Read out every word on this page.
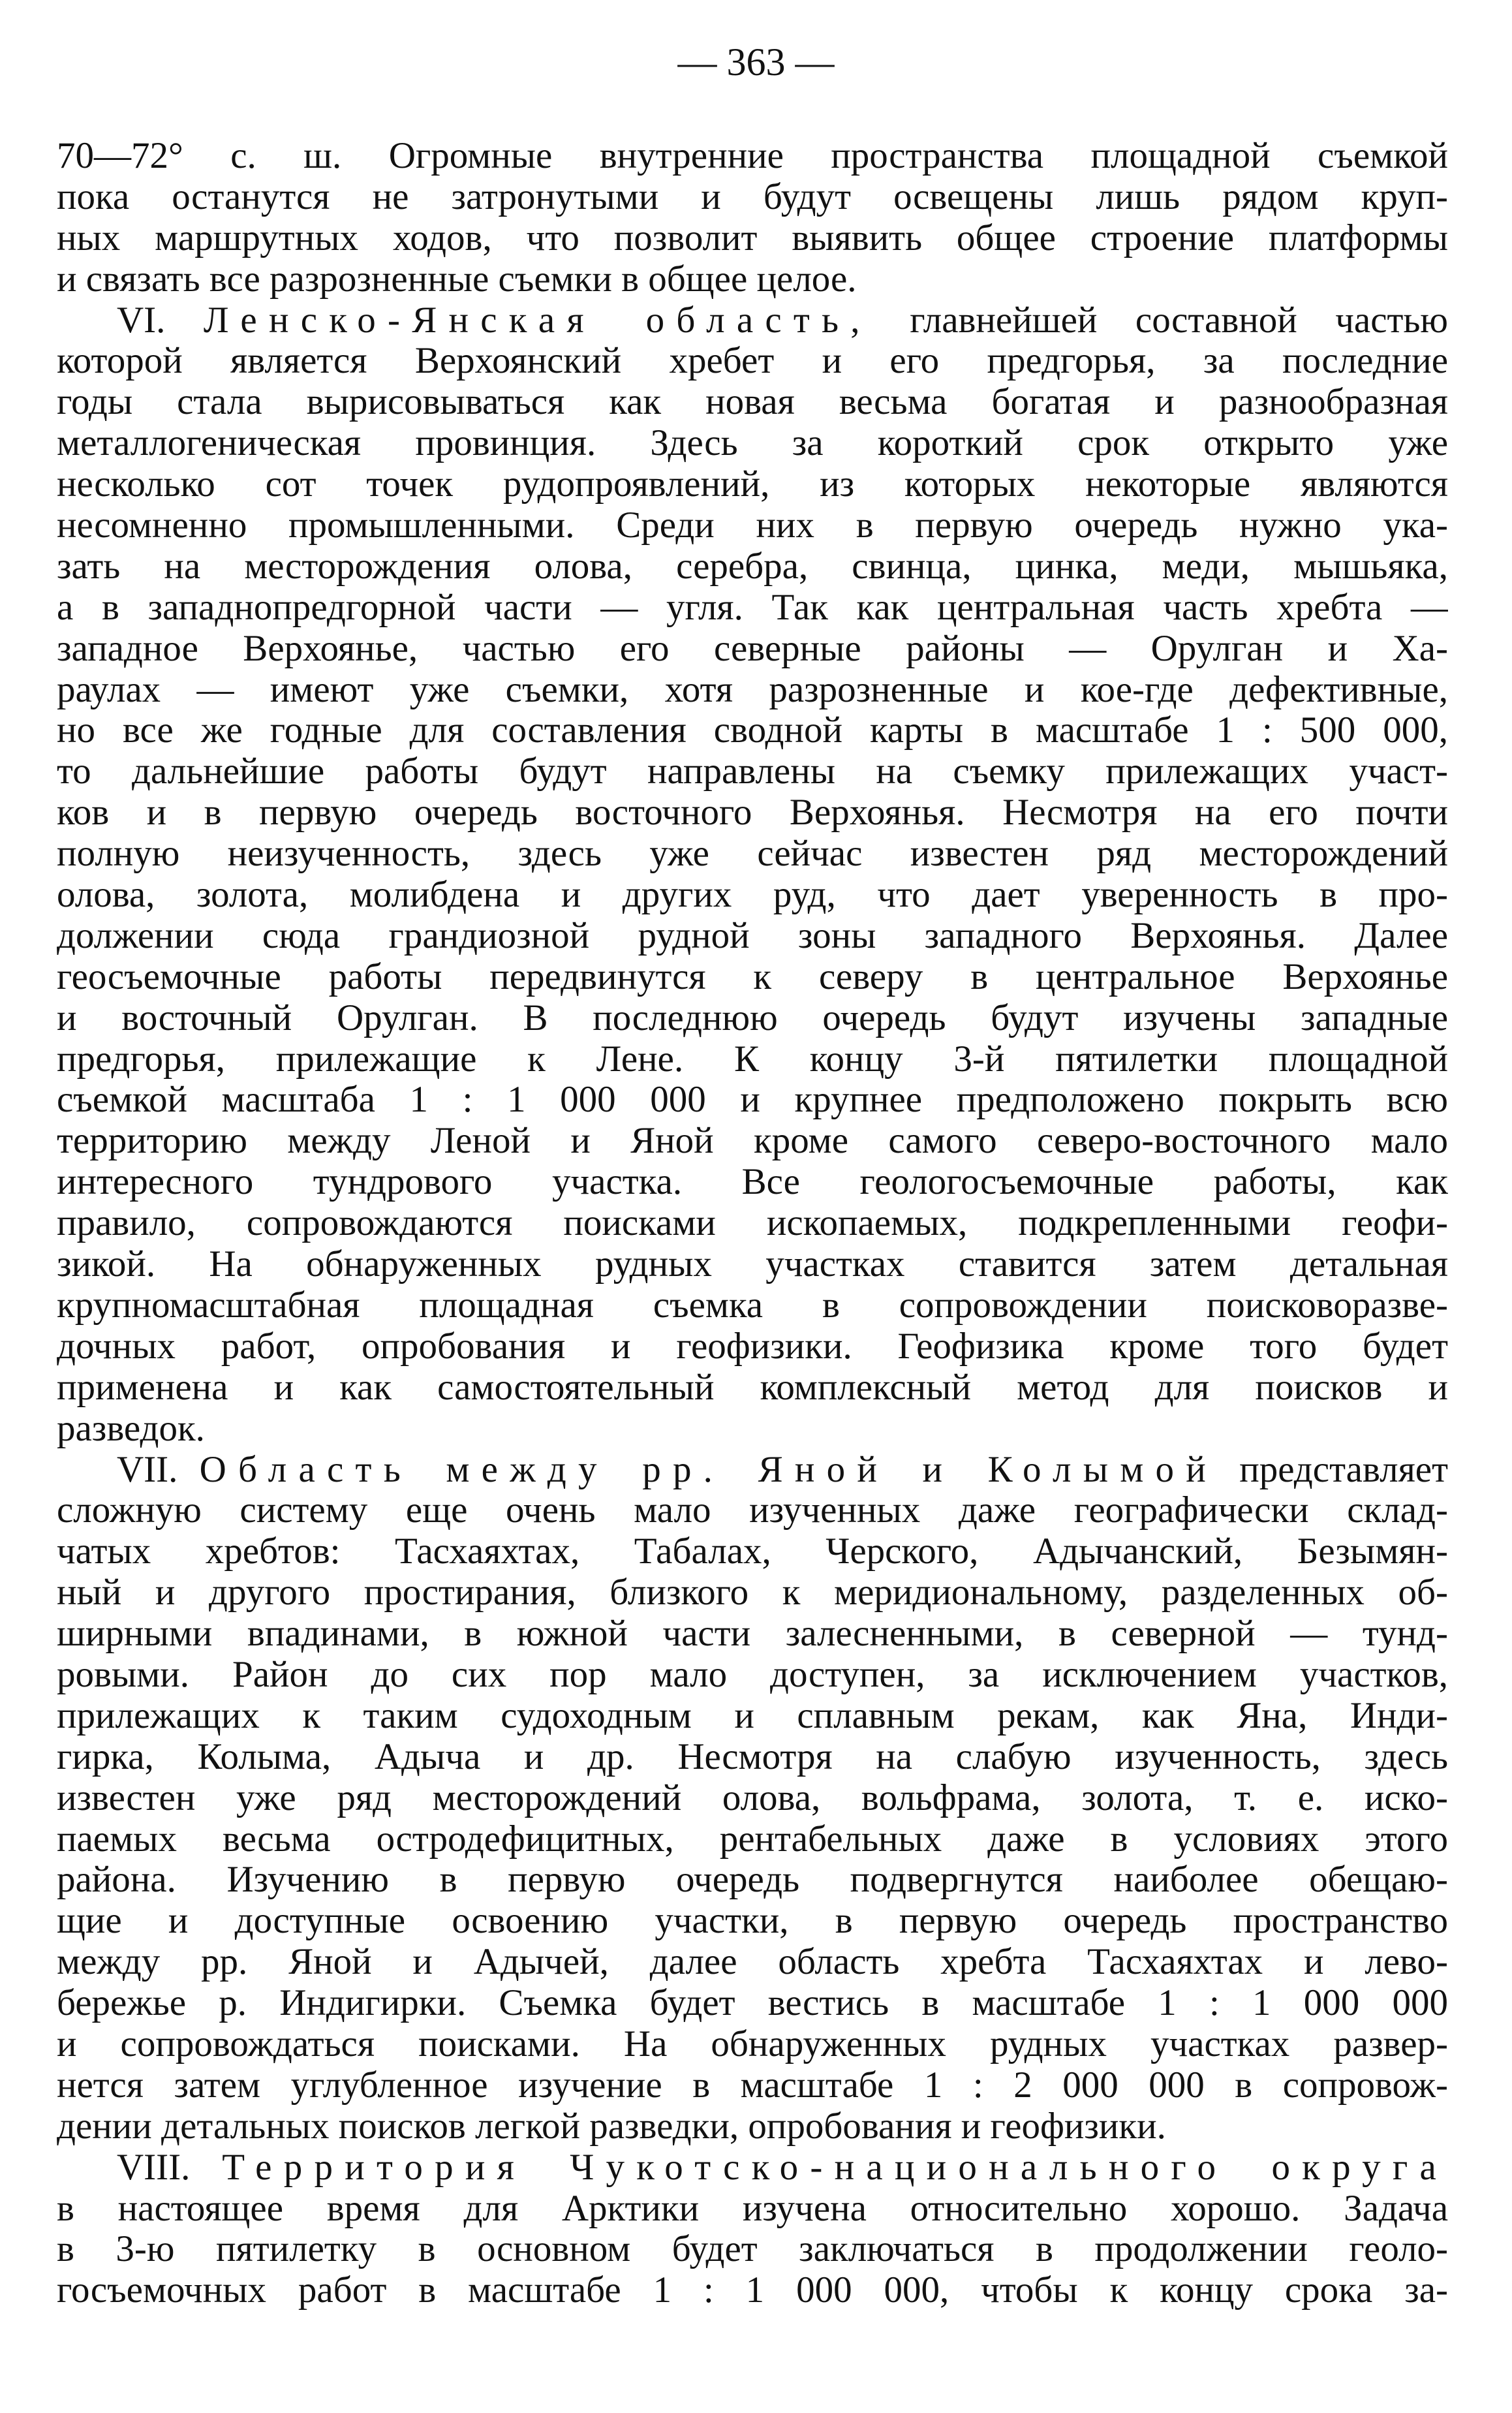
— 363 —
70—72° с. ш. Огромные внутренние пространства площадной съемкой
пока останутся не затронутыми и будут освещены лишь рядом круп-
ных маршрутных ходов, что позволит выявить общее строение платформы
и связать все разрозненные съемки в общее целое.
VI. Ленско-Янская область, главнейшей составной частью
которой является Верхоянский хребет и его предгорья, за последние
годы стала вырисовываться как новая весьма богатая и разнообразная
металлогеническая провинция. Здесь за короткий срок открыто уже
несколько сот точек рудопроявлений, из которых некоторые являются
несомненно промышленными. Среди них в первую очередь нужно ука-
зать на месторождения олова, серебра, свинца, цинка, меди, мышьяка,
а в западнопредгорной части — угля. Так как центральная часть хребта —
западное Верхоянье, частью его северные районы — Орулган и Ха-
раулах — имеют уже съемки, хотя разрозненные и кое-где дефективные,
но все же годные для составления сводной карты в масштабе 1 : 500 000,
то дальнейшие работы будут направлены на съемку прилежащих участ-
ков и в первую очередь восточного Верхоянья. Несмотря на его почти
полную неизученность, здесь уже сейчас известен ряд месторождений
олова, золота, молибдена и других руд, что дает уверенность в про-
должении сюда грандиозной рудной зоны западного Верхоянья. Далее
геосъемочные работы передвинутся к северу в центральное Верхоянье
и восточный Орулган. В последнюю очередь будут изучены западные
предгорья, прилежащие к Лене. К концу 3-й пятилетки площадной
съемкой масштаба 1 : 1 000 000 и крупнее предположено покрыть всю
территорию между Леной и Яной кроме самого северо-восточного мало
интересного тундрового участка. Все геологосъемочные работы, как
правило, сопровождаются поисками ископаемых, подкрепленными геофи-
зикой. На обнаруженных рудных участках ставится затем детальная
крупномасштабная площадная съемка в сопровождении поисковоразве-
дочных работ, опробования и геофизики. Геофизика кроме того будет
применена и как самостоятельный комплексный метод для поисков и
разведок.
VII. Область между рр. Яной и Колымой представляет
сложную систему еще очень мало изученных даже географически склад-
чатых хребтов: Тасхаяхтах, Табалах, Черского, Адычанский, Безымян-
ный и другого простирания, близкого к меридиональному, разделенных об-
ширными впадинами, в южной части залесненными, в северной — тунд-
ровыми. Район до сих пор мало доступен, за исключением участков,
прилежащих к таким судоходным и сплавным рекам, как Яна, Инди-
гирка, Колыма, Адыча и др. Несмотря на слабую изученность, здесь
известен уже ряд месторождений олова, вольфрама, золота, т. е. иско-
паемых весьма остродефицитных, рентабельных даже в условиях этого
района. Изучению в первую очередь подвергнутся наиболее обещаю-
щие и доступные освоению участки, в первую очередь пространство
между рр. Яной и Адычей, далее область хребта Тасхаяхтах и лево-
бережье р. Индигирки. Съемка будет вестись в масштабе 1 : 1 000 000
и сопровождаться поисками. На обнаруженных рудных участках развер-
нется затем углубленное изучение в масштабе 1 : 2 000 000 в сопровож-
дении детальных поисков легкой разведки, опробования и геофизики.
VIII. Территория Чукотско-национального округа
в настоящее время для Арктики изучена относительно хорошо. Задача
в 3-ю пятилетку в основном будет заключаться в продолжении геоло-
госъемочных работ в масштабе 1 : 1 000 000, чтобы к концу срока за-
